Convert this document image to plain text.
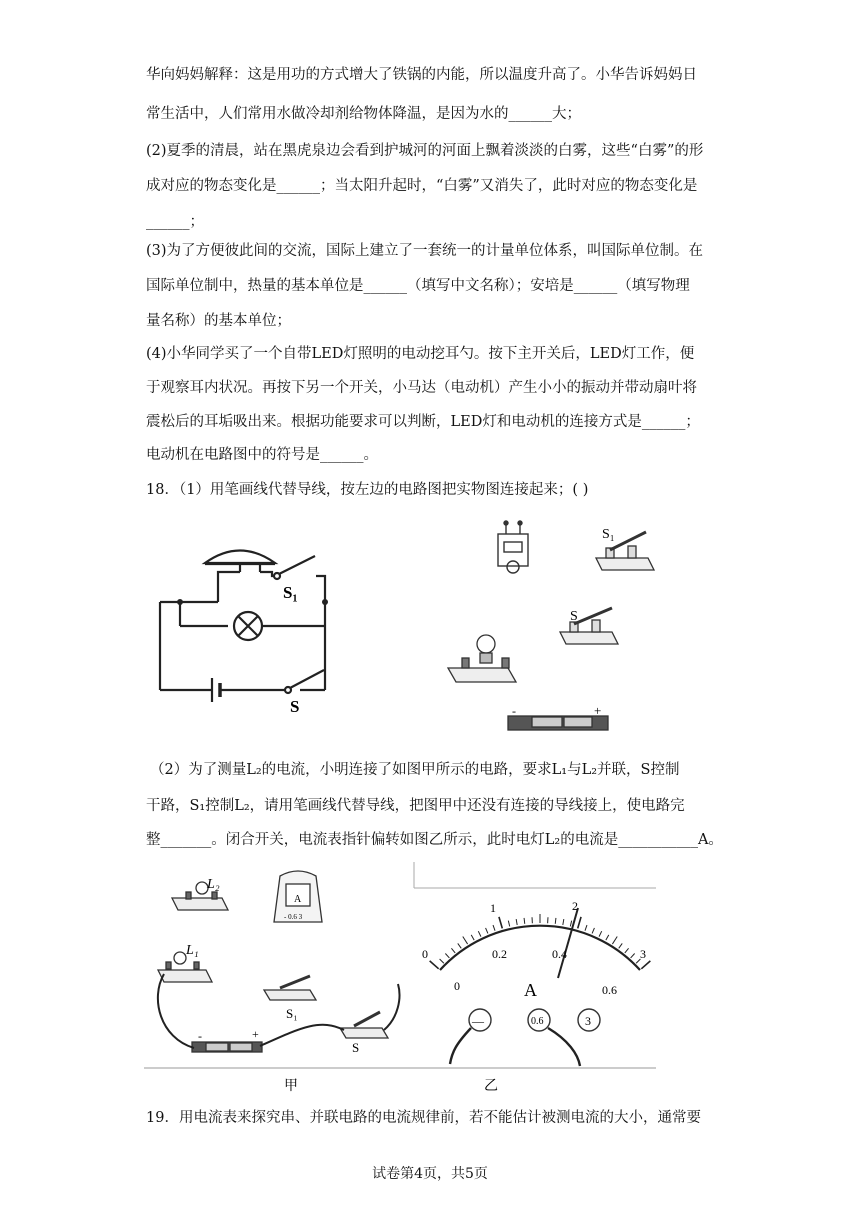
华向妈妈解释：这是用功的方式增大了铁锅的内能，所以温度升高了。小华告诉妈妈日
常生活中，人们常用水做冷却剂给物体降温，是因为水的______大；
(2)夏季的清晨，站在黑虎泉边会看到护城河的河面上飘着淡淡的白雾，这些“白雾”的形
成对应的物态变化是______；当太阳升起时，“白雾”又消失了，此时对应的物态变化是
______；
(3)为了方便彼此间的交流，国际上建立了一套统一的计量单位体系，叫国际单位制。在
国际单位制中，热量的基本单位是______（填写中文名称）；安培是______（填写物理
量名称）的基本单位；
(4)小华同学买了一个自带LED灯照明的电动挖耳勺。按下主开关后，LED灯工作，便
于观察耳内状况。再按下另一个开关，小马达（电动机）产生小小的振动并带动扇叶将
震松后的耳垢吸出来。根据功能要求可以判断，LED灯和电动机的连接方式是______；
电动机在电路图中的符号是______。
18．（1）用笔画线代替导线，按左边的电路图把实物图连接起来；( )
S₁
S
S₁
S
-	+
（2）为了测量L₂的电流，小明连接了如图甲所示的电路，要求L₁与L₂并联，S控制
干路，S₁控制L₂，请用笔画线代替导线，把图甲中还没有连接的导线接上，使电路完
整_______。闭合开关，电流表指针偏转如图乙所示，此时电灯L₂的电流是___________A。
L₂
A
- 0.6 3
L₁
S₁
-	+
S
甲
0
1	2
3
0
0.2	0.4
0.6
A
—	0.6	3
乙
19．用电流表来探究串、并联电路的电流规律前，若不能估计被测电流的大小，通常要
试卷第4页，共5页
